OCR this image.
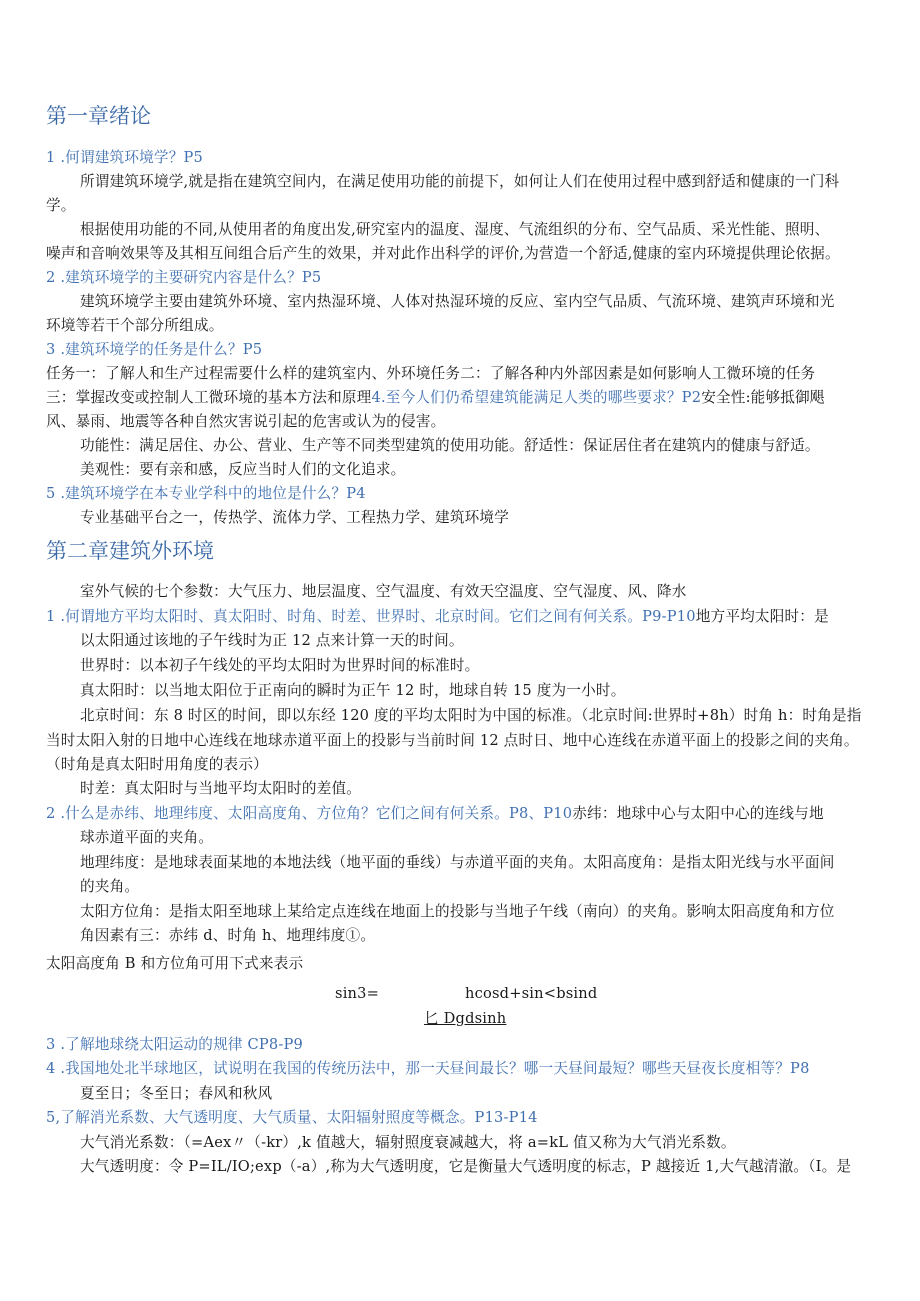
第一章绪论
1 .何谓建筑环境学？P5
所谓建筑环境学,就是指在建筑空间内，在满足使用功能的前提下，如何让人们在使用过程中感到舒适和健康的一门科
学。
根据使用功能的不同,从使用者的角度出发,研究室内的温度、湿度、气流组织的分布、空气品质、采光性能、照明、
噪声和音响效果等及其相互间组合后产生的效果，并对此作出科学的评价,为营造一个舒适,健康的室内环境提供理论依据。
2 .建筑环境学的主要研究内容是什么？P5
建筑环境学主要由建筑外环境、室内热湿环境、人体对热湿环境的反应、室内空气品质、气流环境、建筑声环境和光
环境等若干个部分所组成。
3 .建筑环境学的任务是什么？P5
任务一：了解人和生产过程需要什么样的建筑室内、外环境任务二：了解各种内外部因素是如何影响人工微环境的任务
三：掌握改变或控制人工微环境的基本方法和原理4.至今人们仍希望建筑能满足人类的哪些要求？P2安全性:能够抵御飓
风、暴雨、地震等各种自然灾害说引起的危害或认为的侵害。
功能性：满足居住、办公、营业、生产等不同类型建筑的使用功能。舒适性：保证居住者在建筑内的健康与舒适。
美观性：要有亲和感，反应当时人们的文化追求。
5 .建筑环境学在本专业学科中的地位是什么？P4
专业基础平台之一，传热学、流体力学、工程热力学、建筑环境学
第二章建筑外环境
室外气候的七个参数：大气压力、地层温度、空气温度、有效天空温度、空气湿度、风、降水
1 .何谓地方平均太阳时、真太阳时、时角、时差、世界时、北京时间。它们之间有何关系。P9-P10地方平均太阳时：是
以太阳通过该地的子午线时为正 12 点来计算一天的时间。
世界时：以本初子午线处的平均太阳时为世界时间的标准时。
真太阳时：以当地太阳位于正南向的瞬时为正午 12 时，地球自转 15 度为一小时。
北京时间：东 8 时区的时间，即以东经 120 度的平均太阳时为中国的标准。（北京时间:世界时+8h）时角 h：时角是指
当时太阳入射的日地中心连线在地球赤道平面上的投影与当前时间 12 点时日、地中心连线在赤道平面上的投影之间的夹角。
（时角是真太阳时用角度的表示）
时差：真太阳时与当地平均太阳时的差值。
2 .什么是赤纬、地理纬度、太阳高度角、方位角？它们之间有何关系。P8、P10赤纬：地球中心与太阳中心的连线与地
球赤道平面的夹角。
地理纬度：是地球表面某地的本地法线（地平面的垂线）与赤道平面的夹角。太阳高度角：是指太阳光线与水平面间
的夹角。
太阳方位角：是指太阳至地球上某给定点连线在地面上的投影与当地子午线（南向）的夹角。影响太阳高度角和方位
角因素有三：赤纬 d、时角 h、地理纬度①。
太阳高度角 B 和方位角可用下式来表示
sin3=	hcosd+sin<bsind
匕 Dgdsinh
3 .了解地球绕太阳运动的规律 CP8-P9
4 .我国地处北半球地区，试说明在我国的传统历法中，那一天昼间最长？哪一天昼间最短？哪些天昼夜长度相等？P8
夏至日；冬至日；春风和秋风
5,了解消光系数、大气透明度、大气质量、太阳辐射照度等概念。P13-P14
大气消光系数：（=Aex〃（-kr）,k 值越大，辐射照度衰减越大，将 a=kL 值又称为大气消光系数。
大气透明度：令 P=IL/IO;exp（-a）,称为大气透明度，它是衡量大气透明度的标志，P 越接近 1,大气越清澈。（I。是
